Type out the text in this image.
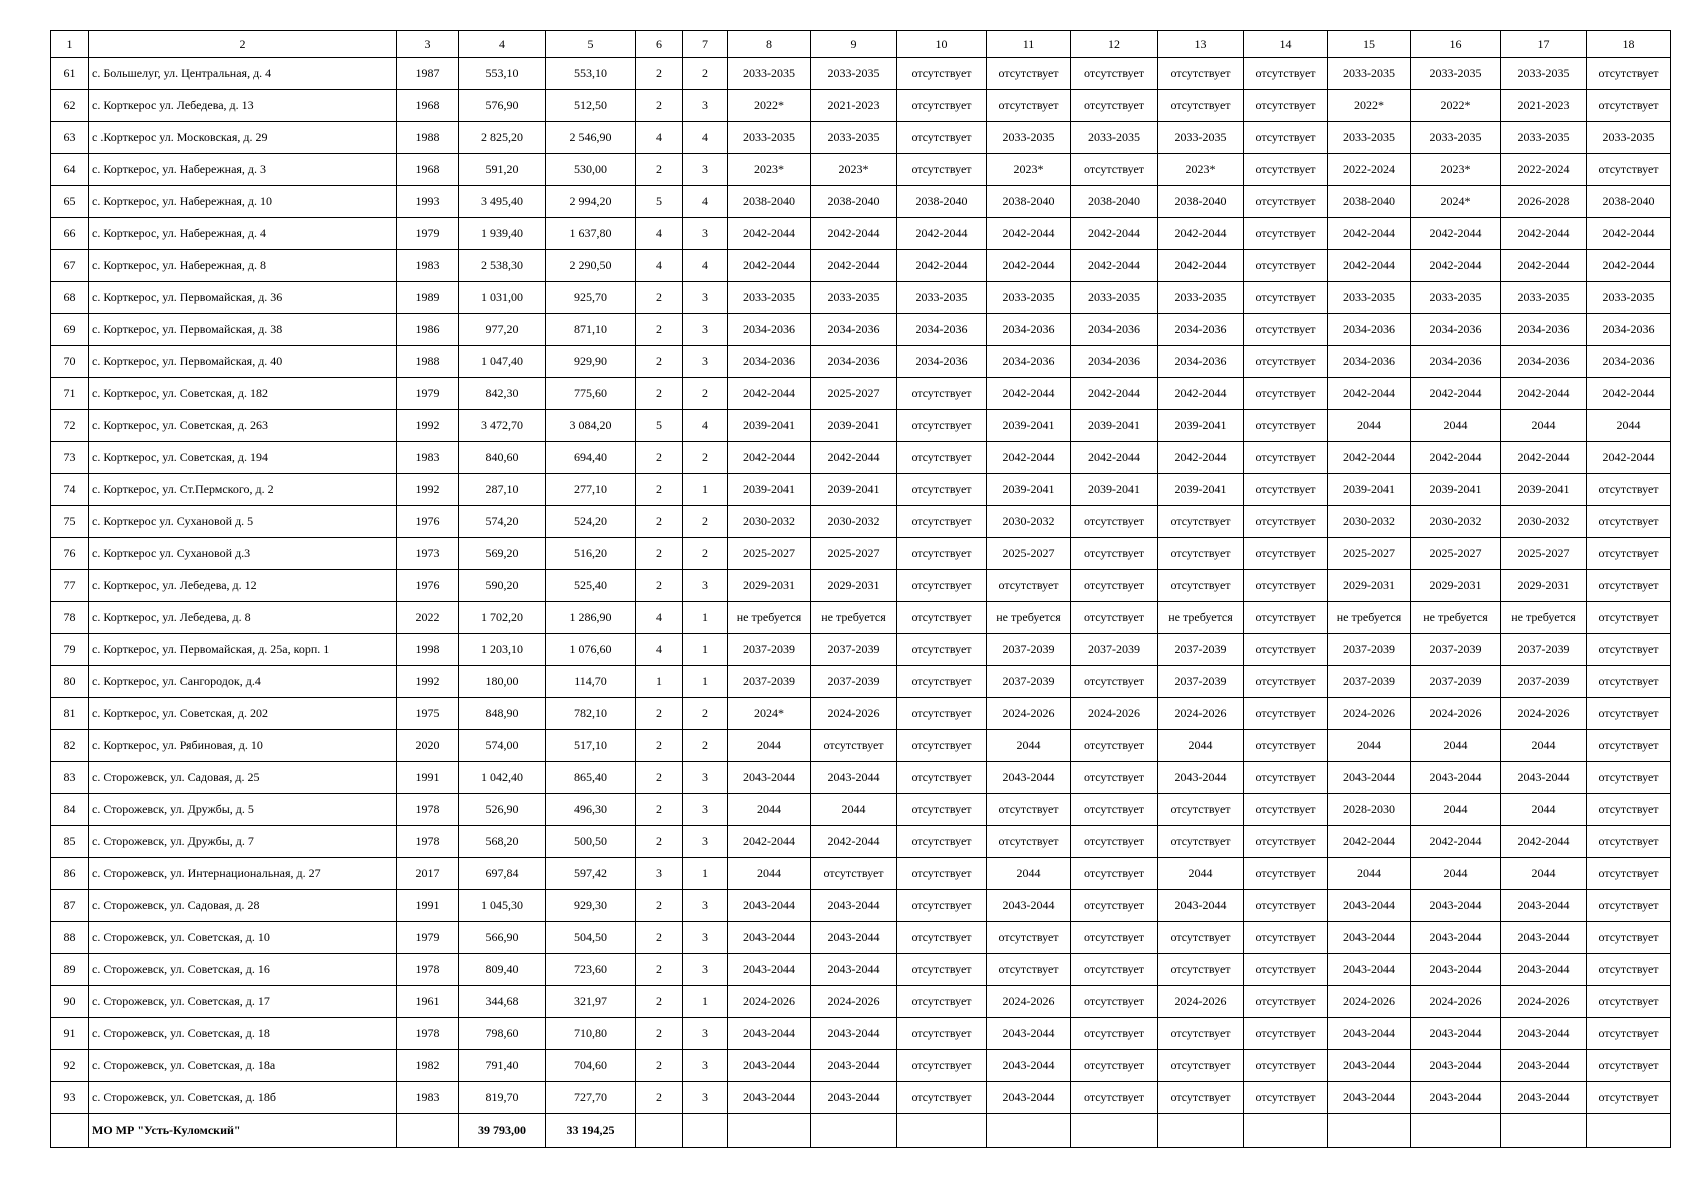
1	2	3	4	5	6	7	8	9	10	11	12	13	14	15	16	17	18
61	с. Большелуг, ул. Центральная, д. 4	1987	553,10	553,10	2	2	2033-2035	2033-2035	отсутствует	отсутствует	отсутствует	отсутствует	отсутствует	2033-2035	2033-2035	2033-2035	отсутствует
62	с. Корткерос ул. Лебедева, д. 13	1968	576,90	512,50	2	3	2022*	2021-2023	отсутствует	отсутствует	отсутствует	отсутствует	отсутствует	2022*	2022*	2021-2023	отсутствует
63	с .Корткерос ул. Московская, д. 29	1988	2 825,20	2 546,90	4	4	2033-2035	2033-2035	отсутствует	2033-2035	2033-2035	2033-2035	отсутствует	2033-2035	2033-2035	2033-2035	2033-2035
64	с. Корткерос, ул. Набережная, д. 3	1968	591,20	530,00	2	3	2023*	2023*	отсутствует	2023*	отсутствует	2023*	отсутствует	2022-2024	2023*	2022-2024	отсутствует
65	с. Корткерос, ул. Набережная, д. 10	1993	3 495,40	2 994,20	5	4	2038-2040	2038-2040	2038-2040	2038-2040	2038-2040	2038-2040	отсутствует	2038-2040	2024*	2026-2028	2038-2040
66	с. Корткерос, ул. Набережная, д. 4	1979	1 939,40	1 637,80	4	3	2042-2044	2042-2044	2042-2044	2042-2044	2042-2044	2042-2044	отсутствует	2042-2044	2042-2044	2042-2044	2042-2044
67	с. Корткерос, ул. Набережная, д. 8	1983	2 538,30	2 290,50	4	4	2042-2044	2042-2044	2042-2044	2042-2044	2042-2044	2042-2044	отсутствует	2042-2044	2042-2044	2042-2044	2042-2044
68	с. Корткерос, ул. Первомайская, д. 36	1989	1 031,00	925,70	2	3	2033-2035	2033-2035	2033-2035	2033-2035	2033-2035	2033-2035	отсутствует	2033-2035	2033-2035	2033-2035	2033-2035
69	с. Корткерос, ул. Первомайская, д. 38	1986	977,20	871,10	2	3	2034-2036	2034-2036	2034-2036	2034-2036	2034-2036	2034-2036	отсутствует	2034-2036	2034-2036	2034-2036	2034-2036
70	с. Корткерос, ул. Первомайская, д. 40	1988	1 047,40	929,90	2	3	2034-2036	2034-2036	2034-2036	2034-2036	2034-2036	2034-2036	отсутствует	2034-2036	2034-2036	2034-2036	2034-2036
71	с. Корткерос, ул. Советская, д. 182	1979	842,30	775,60	2	2	2042-2044	2025-2027	отсутствует	2042-2044	2042-2044	2042-2044	отсутствует	2042-2044	2042-2044	2042-2044	2042-2044
72	с. Корткерос, ул. Советская, д. 263	1992	3 472,70	3 084,20	5	4	2039-2041	2039-2041	отсутствует	2039-2041	2039-2041	2039-2041	отсутствует	2044	2044	2044	2044
73	с. Корткерос, ул. Советская, д. 194	1983	840,60	694,40	2	2	2042-2044	2042-2044	отсутствует	2042-2044	2042-2044	2042-2044	отсутствует	2042-2044	2042-2044	2042-2044	2042-2044
74	с. Корткерос, ул. Ст.Пермского, д. 2	1992	287,10	277,10	2	1	2039-2041	2039-2041	отсутствует	2039-2041	2039-2041	2039-2041	отсутствует	2039-2041	2039-2041	2039-2041	отсутствует
75	с. Корткерос ул. Сухановой д. 5	1976	574,20	524,20	2	2	2030-2032	2030-2032	отсутствует	2030-2032	отсутствует	отсутствует	отсутствует	2030-2032	2030-2032	2030-2032	отсутствует
76	с. Корткерос ул. Сухановой д.3	1973	569,20	516,20	2	2	2025-2027	2025-2027	отсутствует	2025-2027	отсутствует	отсутствует	отсутствует	2025-2027	2025-2027	2025-2027	отсутствует
77	с. Корткерос, ул. Лебедева, д. 12	1976	590,20	525,40	2	3	2029-2031	2029-2031	отсутствует	отсутствует	отсутствует	отсутствует	отсутствует	2029-2031	2029-2031	2029-2031	отсутствует
78	с. Корткерос, ул. Лебедева, д. 8	2022	1 702,20	1 286,90	4	1	не требуется	не требуется	отсутствует	не требуется	отсутствует	не требуется	отсутствует	не требуется	не требуется	не требуется	отсутствует
79	с. Корткерос, ул. Первомайская, д. 25а, корп. 1	1998	1 203,10	1 076,60	4	1	2037-2039	2037-2039	отсутствует	2037-2039	2037-2039	2037-2039	отсутствует	2037-2039	2037-2039	2037-2039	отсутствует
80	с. Корткерос, ул. Сангородок, д.4	1992	180,00	114,70	1	1	2037-2039	2037-2039	отсутствует	2037-2039	отсутствует	2037-2039	отсутствует	2037-2039	2037-2039	2037-2039	отсутствует
81	с. Корткерос, ул. Советская, д. 202	1975	848,90	782,10	2	2	2024*	2024-2026	отсутствует	2024-2026	2024-2026	2024-2026	отсутствует	2024-2026	2024-2026	2024-2026	отсутствует
82	с. Корткерос, ул. Рябиновая, д. 10	2020	574,00	517,10	2	2	2044	отсутствует	отсутствует	2044	отсутствует	2044	отсутствует	2044	2044	2044	отсутствует
83	с. Сторожевск, ул. Садовая, д. 25	1991	1 042,40	865,40	2	3	2043-2044	2043-2044	отсутствует	2043-2044	отсутствует	2043-2044	отсутствует	2043-2044	2043-2044	2043-2044	отсутствует
84	с. Сторожевск, ул. Дружбы, д. 5	1978	526,90	496,30	2	3	2044	2044	отсутствует	отсутствует	отсутствует	отсутствует	отсутствует	2028-2030	2044	2044	отсутствует
85	с. Сторожевск, ул. Дружбы, д. 7	1978	568,20	500,50	2	3	2042-2044	2042-2044	отсутствует	отсутствует	отсутствует	отсутствует	отсутствует	2042-2044	2042-2044	2042-2044	отсутствует
86	с. Сторожевск, ул. Интернациональная, д. 27	2017	697,84	597,42	3	1	2044	отсутствует	отсутствует	2044	отсутствует	2044	отсутствует	2044	2044	2044	отсутствует
87	с. Сторожевск, ул. Садовая, д. 28	1991	1 045,30	929,30	2	3	2043-2044	2043-2044	отсутствует	2043-2044	отсутствует	2043-2044	отсутствует	2043-2044	2043-2044	2043-2044	отсутствует
88	с. Сторожевск, ул. Советская, д. 10	1979	566,90	504,50	2	3	2043-2044	2043-2044	отсутствует	отсутствует	отсутствует	отсутствует	отсутствует	2043-2044	2043-2044	2043-2044	отсутствует
89	с. Сторожевск, ул. Советская, д. 16	1978	809,40	723,60	2	3	2043-2044	2043-2044	отсутствует	отсутствует	отсутствует	отсутствует	отсутствует	2043-2044	2043-2044	2043-2044	отсутствует
90	с. Сторожевск, ул. Советская, д. 17	1961	344,68	321,97	2	1	2024-2026	2024-2026	отсутствует	2024-2026	отсутствует	2024-2026	отсутствует	2024-2026	2024-2026	2024-2026	отсутствует
91	с. Сторожевск, ул. Советская, д. 18	1978	798,60	710,80	2	3	2043-2044	2043-2044	отсутствует	2043-2044	отсутствует	отсутствует	отсутствует	2043-2044	2043-2044	2043-2044	отсутствует
92	с. Сторожевск, ул. Советская, д. 18а	1982	791,40	704,60	2	3	2043-2044	2043-2044	отсутствует	2043-2044	отсутствует	отсутствует	отсутствует	2043-2044	2043-2044	2043-2044	отсутствует
93	с. Сторожевск, ул. Советская, д. 18б	1983	819,70	727,70	2	3	2043-2044	2043-2044	отсутствует	2043-2044	отсутствует	отсутствует	отсутствует	2043-2044	2043-2044	2043-2044	отсутствует
	МО МР "Усть-Куломский"		39 793,00	33 194,25													
